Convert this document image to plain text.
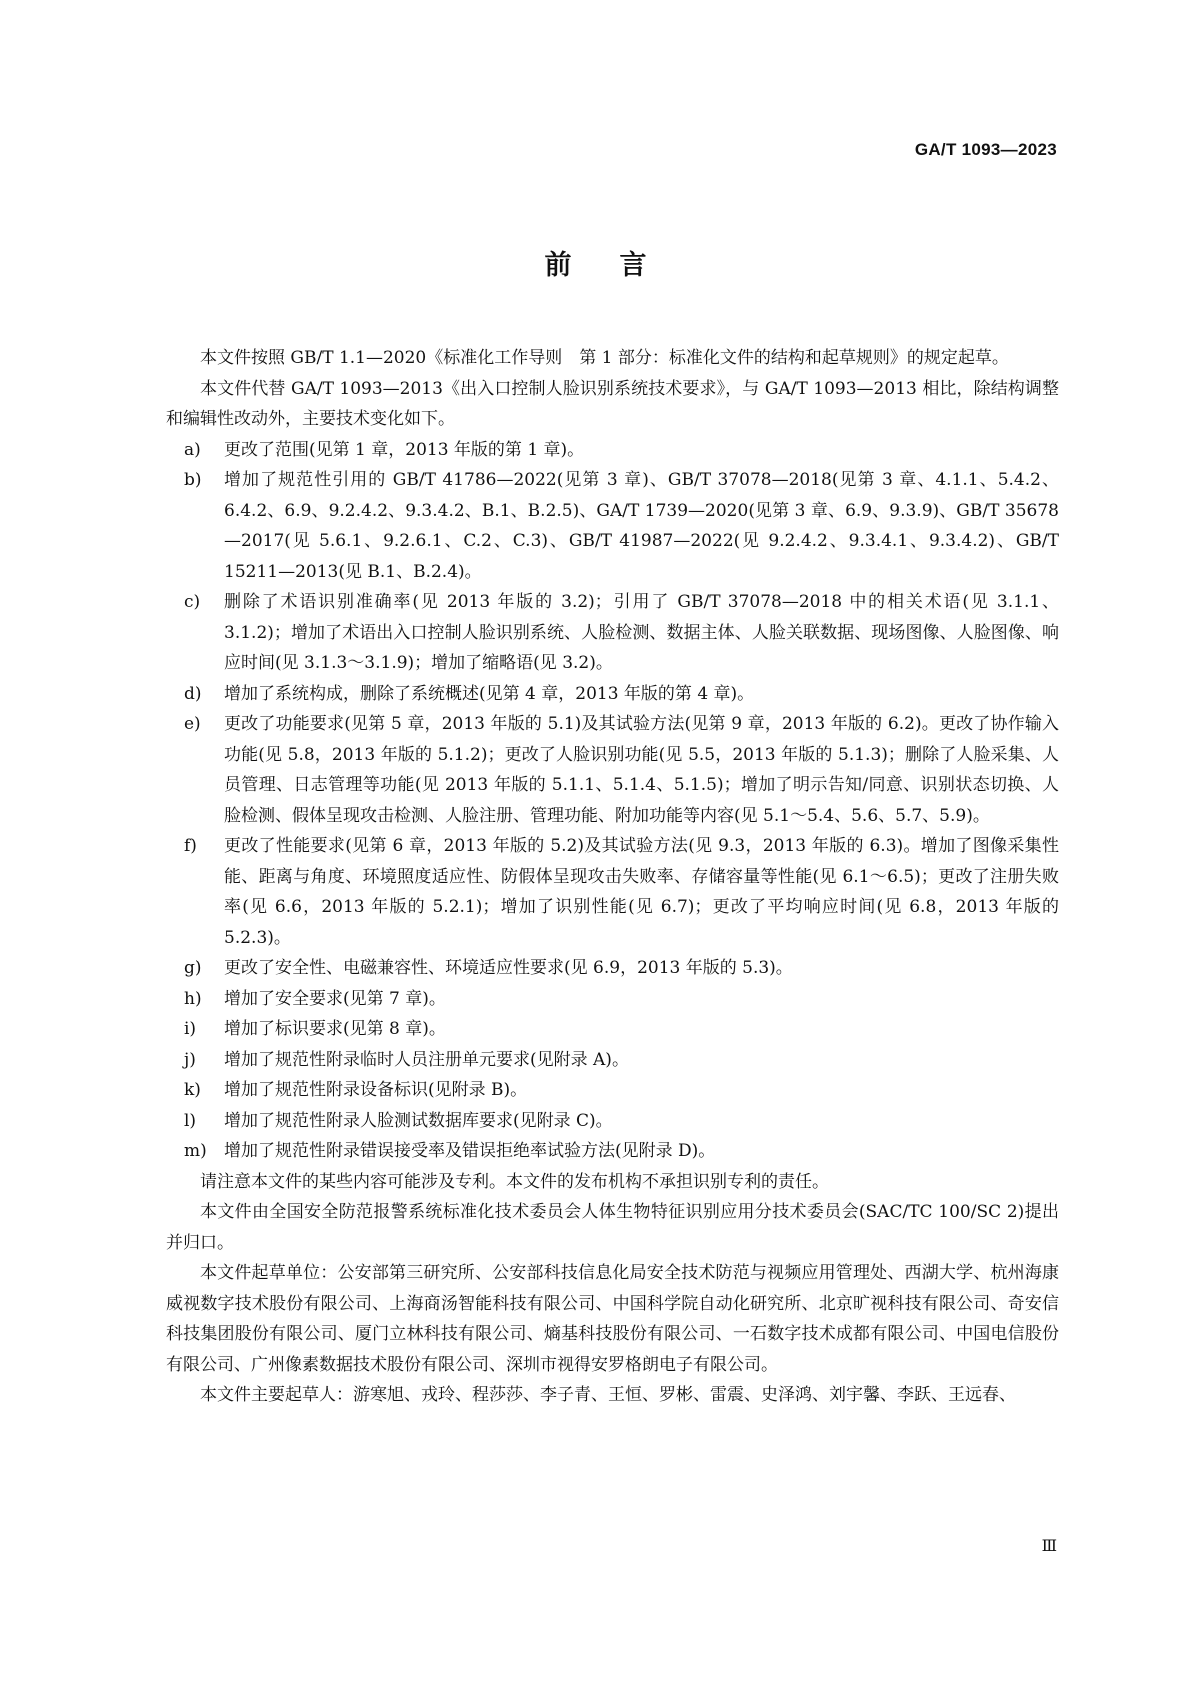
GA/T 1093—2023
前言

本文件按照 GB/T 1.1—2020《标准化工作导则　第 1 部分：标准化文件的结构和起草规则》的规定起草。

本文件代替 GA/T 1093—2013《出入口控制人脸识别系统技术要求》，与 GA/T 1093—2013 相比，除结构调整和编辑性改动外，主要技术变化如下。

a) 更改了范围(见第 1 章，2013 年版的第 1 章)。
b) 增加了规范性引用的 GB/T 41786—2022(见第 3 章)、GB/T 37078—2018(见第 3 章、4.1.1、5.4.2、6.4.2、6.9、9.2.4.2、9.3.4.2、B.1、B.2.5)、GA/T 1739—2020(见第 3 章、6.9、9.3.9)、GB/T 35678—2017(见 5.6.1、9.2.6.1、C.2、C.3)、GB/T 41987—2022(见 9.2.4.2、9.3.4.1、9.3.4.2)、GB/T 15211—2013(见 B.1、B.2.4)。
c) 删除了术语识别准确率(见 2013 年版的 3.2)；引用了 GB/T 37078—2018 中的相关术语(见 3.1.1、3.1.2)；增加了术语出入口控制人脸识别系统、人脸检测、数据主体、人脸关联数据、现场图像、人脸图像、响应时间(见 3.1.3～3.1.9)；增加了缩略语(见 3.2)。
d) 增加了系统构成，删除了系统概述(见第 4 章，2013 年版的第 4 章)。
e) 更改了功能要求(见第 5 章，2013 年版的 5.1)及其试验方法(见第 9 章，2013 年版的 6.2)。更改了协作输入功能(见 5.8，2013 年版的 5.1.2)；更改了人脸识别功能(见 5.5，2013 年版的 5.1.3)；删除了人脸采集、人员管理、日志管理等功能(见 2013 年版的 5.1.1、5.1.4、5.1.5)；增加了明示告知/同意、识别状态切换、人脸检测、假体呈现攻击检测、人脸注册、管理功能、附加功能等内容(见 5.1～5.4、5.6、5.7、5.9)。
f) 更改了性能要求(见第 6 章，2013 年版的 5.2)及其试验方法(见 9.3，2013 年版的 6.3)。增加了图像采集性能、距离与角度、环境照度适应性、防假体呈现攻击失败率、存储容量等性能(见 6.1～6.5)；更改了注册失败率(见 6.6，2013 年版的 5.2.1)；增加了识别性能(见 6.7)；更改了平均响应时间(见 6.8，2013 年版的 5.2.3)。
g) 更改了安全性、电磁兼容性、环境适应性要求(见 6.9，2013 年版的 5.3)。
h) 增加了安全要求(见第 7 章)。
i) 增加了标识要求(见第 8 章)。
j) 增加了规范性附录临时人员注册单元要求(见附录 A)。
k) 增加了规范性附录设备标识(见附录 B)。
l) 增加了规范性附录人脸测试数据库要求(见附录 C)。
m) 增加了规范性附录错误接受率及错误拒绝率试验方法(见附录 D)。

请注意本文件的某些内容可能涉及专利。本文件的发布机构不承担识别专利的责任。

本文件由全国安全防范报警系统标准化技术委员会人体生物特征识别应用分技术委员会(SAC/TC 100/SC 2)提出并归口。

本文件起草单位：公安部第三研究所、公安部科技信息化局安全技术防范与视频应用管理处、西湖大学、杭州海康威视数字技术股份有限公司、上海商汤智能科技有限公司、中国科学院自动化研究所、北京旷视科技有限公司、奇安信科技集团股份有限公司、厦门立林科技有限公司、熵基科技股份有限公司、一石数字技术成都有限公司、中国电信股份有限公司、广州像素数据技术股份有限公司、深圳市视得安罗格朗电子有限公司。

本文件主要起草人：游寒旭、戎玲、程莎莎、李子青、王恒、罗彬、雷震、史泽鸿、刘宇馨、李跃、王远春、

Ⅲ
